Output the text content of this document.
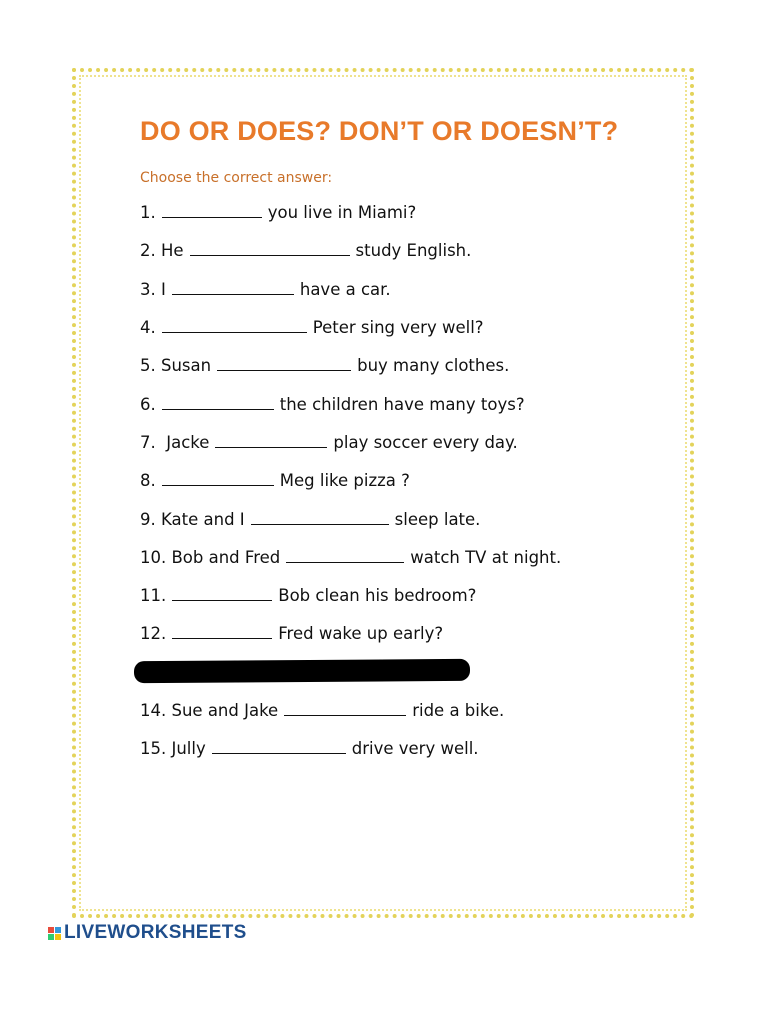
DO OR DOES? DON’T OR DOESN’T?
Choose the correct answer:
1.	you live in Miami?
2. He	study English.
3. I	have a car.
4.	Peter sing very well?
5. Susan	buy many clothes.
6.	the children have many toys?
7.  Jacke	play soccer every day.
8.	Meg like pizza ?
9. Kate and I	sleep late.
10. Bob and Fred	watch TV at night.
11.	Bob clean his bedroom?
12.	Fred wake up early?
14. Sue and Jake	ride a bike.
15. Jully	drive very well.
LIVEWORKSHEETS
